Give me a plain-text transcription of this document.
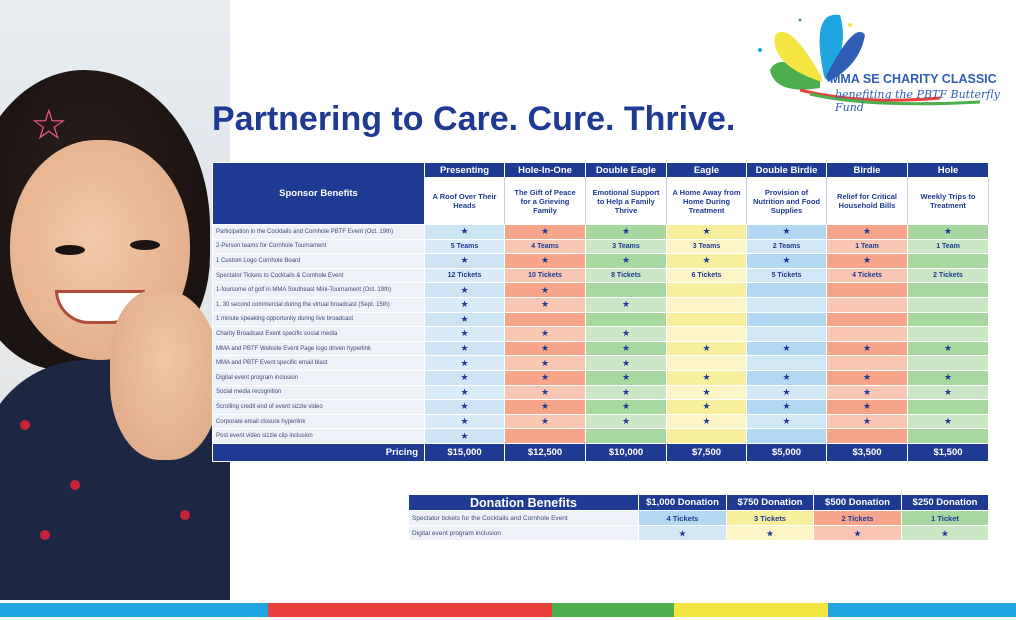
☆	Partnering to Care. Cure. Thrive.
MMA SE CHARITY CLASSIC
benefiting the PBTF Butterfly Fund
Sponsor Benefits	Presenting	Hole-In-One	Double Eagle	Eagle	Double Birdie	Birdie	Hole
	A Roof Over Their Heads	The Gift of Peace for a Grieving Family	Emotional Support to Help a Family Thrive	A Home Away from Home During Treatment	Provision of Nutrition and Food Supplies	Relief for Critical Household Bills	Weekly Trips to Treatment
Participation in the Cocktails and Cornhole PBTF Event (Oct. 19th)	★	★	★	★	★	★	★
2-Person teams for Cornhole Tournament	5 Teams	4 Teams	3 Teams	3 Teams	2 Teams	1 Team	1 Team
1 Custom Logo Cornhole Board	★	★	★	★	★	★	
Spectator Tickets to Cocktails & Cornhole Event	12 Tickets	10 Tickets	8 Tickets	6 Tickets	5 Tickets	4 Tickets	2 Tickets
1-foursome of golf in MMA Southeast Mini-Tournament (Oct. 19th)	★	★					
1, 30 second commercial during the virtual broadcast (Sept. 15th)	★	★	★				
1 minute speaking opportunity during live broadcast	★						
Charity Broadcast Event specific social media	★	★	★				
MMA and PBTF Website Event Page logo driven hyperlink	★	★	★	★	★	★	★
MMA and PBTF Event specific email blast	★	★	★				
Digital event program inclusion	★	★	★	★	★	★	★
Social media recognition	★	★	★	★	★	★	★
Scrolling credit end of event sizzle video	★	★	★	★	★	★	
Corporate email closure hyperlink	★	★	★	★	★	★	★
Post event video sizzle clip inclusion	★						
Pricing	$15,000	$12,500	$10,000	$7,500	$5,000	$3,500	$1,500
Donation Benefits	$1,000 Donation	$750 Donation	$500 Donation	$250 Donation
Spectator tickets for the Cocktails and Cornhole Event	4 Tickets	3 Tickets	2 Tickets	1 Ticket
Digital event program inclusion	★	★	★	★
